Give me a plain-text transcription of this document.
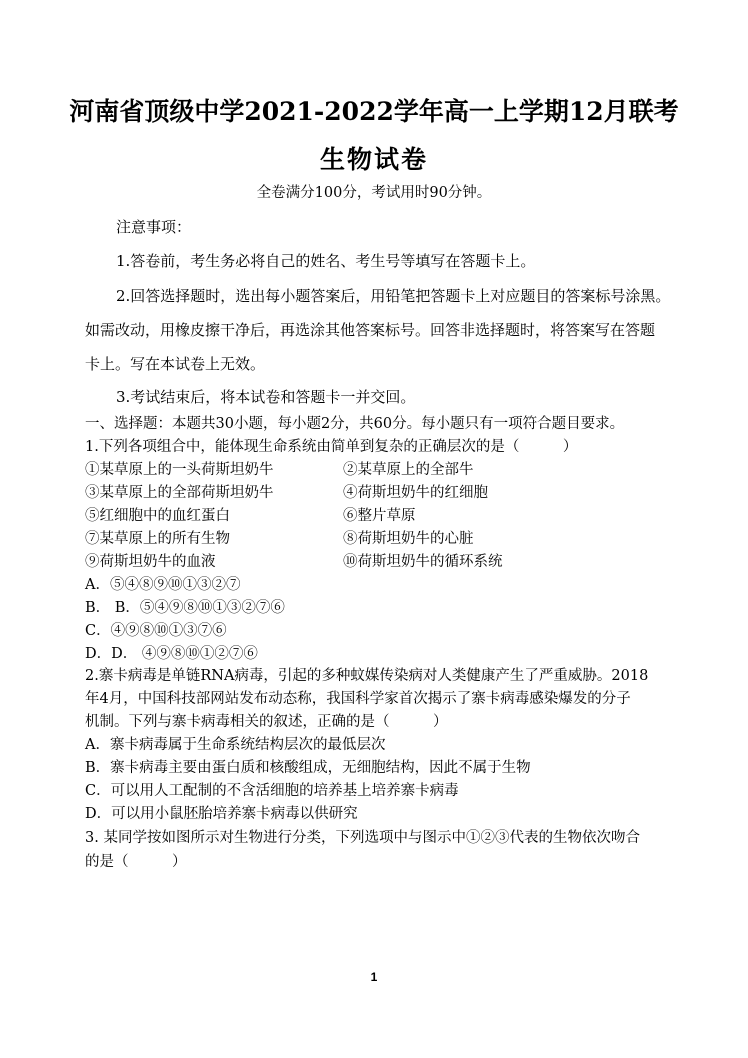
河南省顶级中学2021-2022学年高一上学期12月联考
生物试卷
全卷满分100分，考试用时90分钟。
注意事项：
1.答卷前，考生务必将自己的姓名、考生号等填写在答题卡上。
2.回答选择题时，选出每小题答案后，用铅笔把答题卡上对应题目的答案标号涂黑。
如需改动，用橡皮擦干净后，再选涂其他答案标号。回答非选择题时，将答案写在答题
卡上。写在本试卷上无效。
3.考试结束后，将本试卷和答题卡一并交回。
一、选择题：本题共30小题，每小题2分，共60分。每小题只有一项符合题目要求。
1.下列各项组合中，能体现生命系统由简单到复杂的正确层次的是（　　　）
①某草原上的一头荷斯坦奶牛	②某草原上的全部牛
③某草原上的全部荷斯坦奶牛	④荷斯坦奶牛的红细胞
⑤红细胞中的血红蛋白	⑥整片草原
⑦某草原上的所有生物	⑧荷斯坦奶牛的心脏
⑨荷斯坦奶牛的血液	⑩荷斯坦奶牛的循环系统
A．⑤④⑧⑨⑩①③②⑦
B． B．⑤④⑨⑧⑩①③②⑦⑥
C．④⑨⑧⑩①③⑦⑥
D．D． ④⑨⑧⑩①②⑦⑥
2.寨卡病毒是单链RNA病毒，引起的多种蚊媒传染病对人类健康产生了严重威胁。2018
年4月，中国科技部网站发布动态称，我国科学家首次揭示了寨卡病毒感染爆发的分子
机制。下列与寨卡病毒相关的叙述，正确的是（　　　）
A．寨卡病毒属于生命系统结构层次的最低层次
B．寨卡病毒主要由蛋白质和核酸组成，无细胞结构，因此不属于生物
C．可以用人工配制的不含活细胞的培养基上培养寨卡病毒
D．可以用小鼠胚胎培养寨卡病毒以供研究
3. 某同学按如图所示对生物进行分类，下列选项中与图示中①②③代表的生物依次吻合
的是（　　　）
1
